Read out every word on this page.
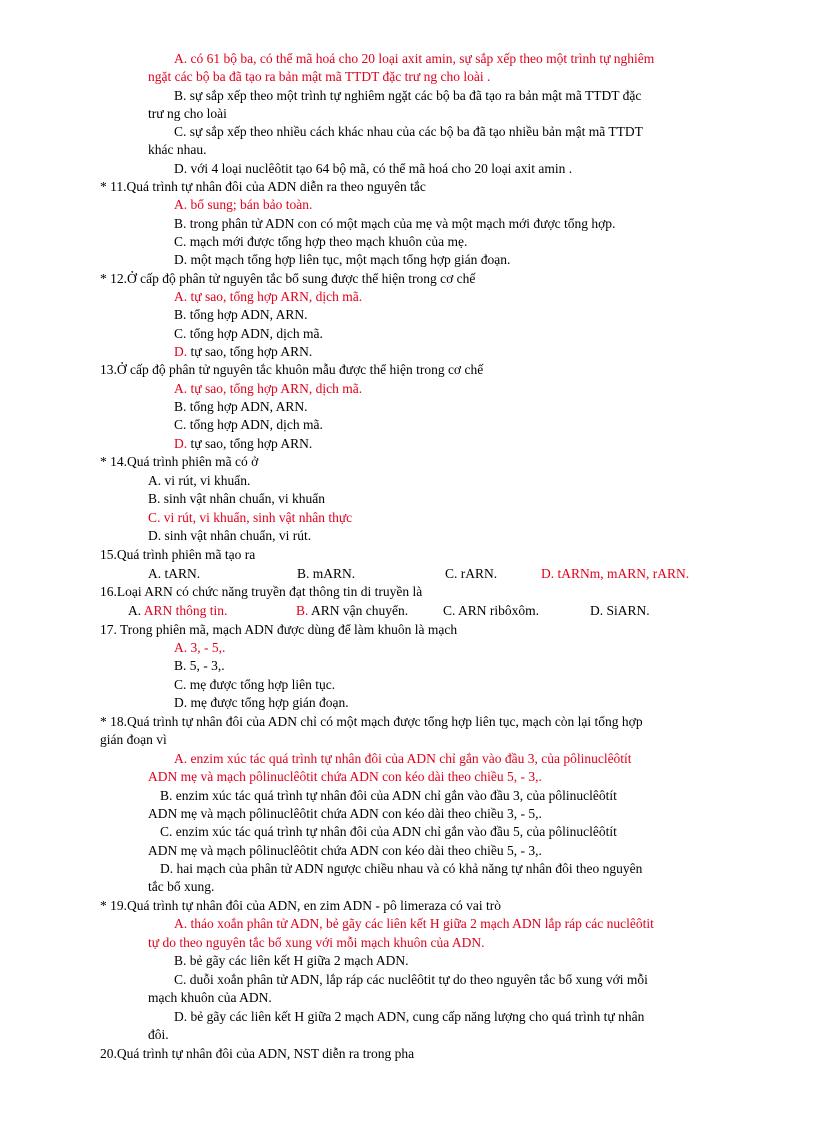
A. có 61 bộ ba, có thể mã hoá cho 20 loại axit amin, sự sắp xếp theo một trình tự nghiêm
ngặt các bộ ba đã tạo ra bản mật mã TTDT đặc trư ng cho loài .
B. sự sắp xếp theo một trình tự nghiêm ngặt các bộ ba đã tạo ra bản mật mã TTDT đặc
trư ng cho loài
C. sự sắp xếp theo nhiều cách khác nhau của các bộ ba đã tạo nhiều bản mật mã TTDT
khác nhau.
D. với 4 loại nuclêôtit tạo 64 bộ mã, có thể mã hoá cho 20 loại axit amin .
* 11.Quá trình tự nhân đôi của ADN diễn ra theo nguyên tắc
A. bổ sung; bán bảo toàn.
B. trong phân tử ADN con có một mạch của mẹ và một mạch mới được tổng hợp.
C. mạch mới được tổng hợp theo mạch khuôn của mẹ.
D. một mạch tổng hợp liên tục, một mạch tổng hợp gián đoạn.
* 12.Ở cấp độ phân tử nguyên tắc bổ sung được thể hiện trong cơ chế
A. tự sao, tổng hợp ARN, dịch mã.
B. tổng hợp ADN, ARN.
C. tổng hợp ADN, dịch mã.
D. tự sao, tổng hợp ARN.
13.Ở cấp độ phân tử nguyên tắc khuôn mẫu được thể hiện trong cơ chế
A. tự sao, tổng hợp ARN, dịch mã.
B. tổng hợp ADN, ARN.
C. tổng hợp ADN, dịch mã.
D. tự sao, tổng hợp ARN.
* 14.Quá trình phiên mã có ở
A. vi rút, vi khuẩn.
B. sinh vật nhân chuẩn, vi khuẩn
C. vi rút, vi khuẩn, sinh vật nhân thực
D. sinh vật nhân chuẩn, vi rút.
15.Quá trình phiên mã tạo ra
A. tARN.	B. mARN.	C. rARN.	D. tARNm, mARN, rARN.
16.Loại ARN có chức năng truyền đạt thông tin di truyền là
A. ARN thông tin.	B. ARN vận chuyển.	C. ARN ribôxôm.	D. SiARN.
17. Trong phiên mã, mạch ADN được dùng để làm khuôn là mạch
A. 3, - 5,.
B. 5, - 3,.
C. mẹ được tổng hợp liên tục.
D. mẹ được tổng hợp gián đoạn.
* 18.Quá trình tự nhân đôi của ADN chỉ có một mạch được tổng hợp liên tục, mạch còn lại tổng hợp
gián đoạn vì
A. enzim xúc tác quá trình tự nhân đôi của ADN chỉ gắn vào đầu 3, của pôlinuclêôtít
ADN mẹ và mạch pôlinuclêôtit chứa ADN con kéo dài theo chiều 5, - 3,.
B. enzim xúc tác quá trình tự nhân đôi của ADN chỉ gắn vào đầu 3, của pôlinuclêôtít
ADN mẹ và mạch pôlinuclêôtit chứa ADN con kéo dài theo chiều 3, - 5,.
C. enzim xúc tác quá trình tự nhân đôi của ADN chỉ gắn vào đầu 5, của pôlinuclêôtít
ADN mẹ và mạch pôlinuclêôtit chứa ADN con kéo dài theo chiều 5, - 3,.
D. hai mạch của phân tử ADN ngược chiều nhau và có khả năng tự nhân đôi theo nguyên
tắc bổ xung.
* 19.Quá trình tự nhân đôi của ADN, en zim ADN - pô limeraza có vai trò
A. tháo xoắn phân tử ADN, bẻ gãy các liên kết H giữa 2 mạch ADN lắp ráp các nuclêôtit
tự do theo nguyên tắc bổ xung với mỗi mạch khuôn của ADN.
B. bẻ gãy các liên kết H giữa 2 mạch ADN.
C. duỗi xoắn phân tử ADN, lắp ráp các nuclêôtit tự do theo nguyên tắc bổ xung với mỗi
mạch khuôn của ADN.
D. bẻ gãy các liên kết H giữa 2 mạch ADN, cung cấp năng lượng cho quá trình tự nhân
đôi.
20.Quá trình tự nhân đôi của ADN, NST diễn ra trong pha
